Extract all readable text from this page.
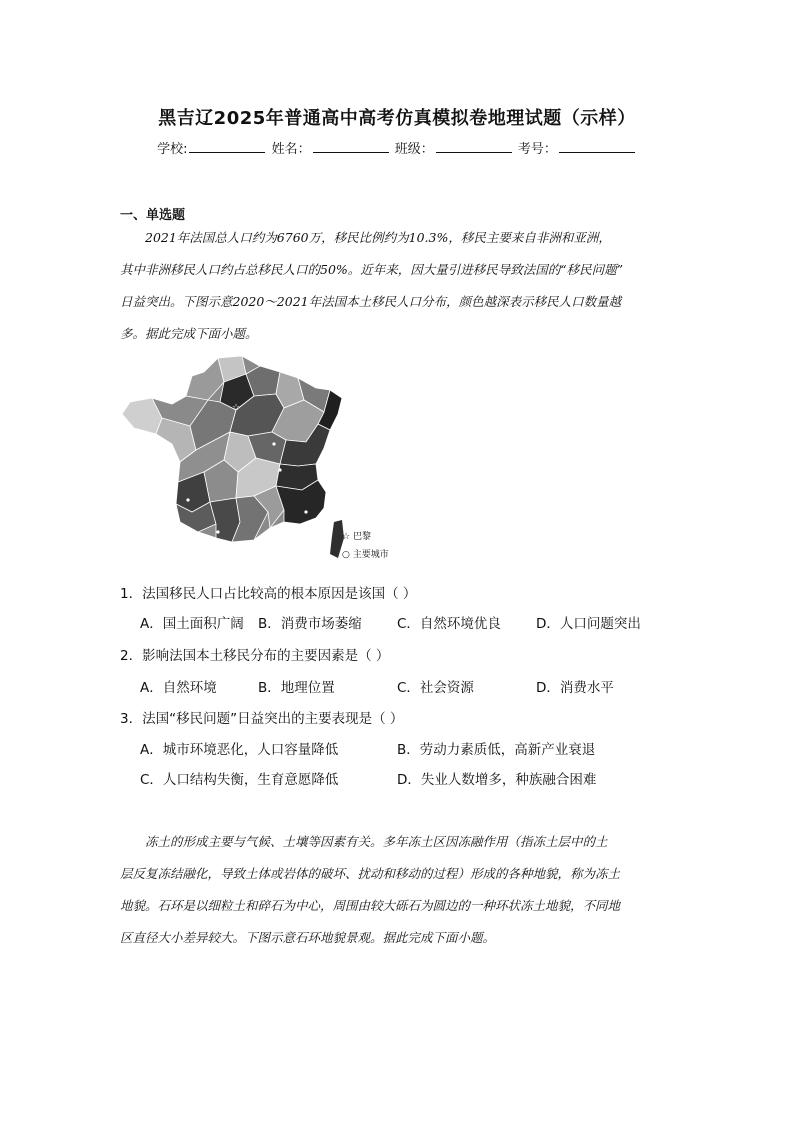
黑吉辽2025年普通高中高考仿真模拟卷地理试题（示样）
学校:	姓名：	班级：	考号：
一、单选题
2021年法国总人口约为6760万，移民比例约为10.3%，移民主要来自非洲和亚洲，
其中非洲移民人口约占总移民人口的50%。近年来，因大量引进移民导致法国的“移民问题”
日益突出。下图示意2020～2021年法国本土移民人口分布，颜色越深表示移民人口数量越
多。据此完成下面小题。
☆
☆ 巴黎
○ 主要城市
1．法国移民人口占比较高的根本原因是该国（ ）
A．国土面积广阔 B．消费市场萎缩	C．自然环境优良	D．人口问题突出
2．影响法国本土移民分布的主要因素是（ ）
A．自然环境	B．地理位置	C．社会资源	D．消费水平
3．法国“移民问题”日益突出的主要表现是（ ）
A．城市环境恶化，人口容量降低	B．劳动力素质低，高新产业衰退
C．人口结构失衡，生育意愿降低	D．失业人数增多，种族融合困难
冻土的形成主要与气候、土壤等因素有关。多年冻土区因冻融作用（指冻土层中的土
层反复冻结融化，导致土体或岩体的破坏、扰动和移动的过程）形成的各种地貌，称为冻土
地貌。石环是以细粒土和碎石为中心，周围由较大砾石为圆边的一种环状冻土地貌，不同地
区直径大小差异较大。下图示意石环地貌景观。据此完成下面小题。
